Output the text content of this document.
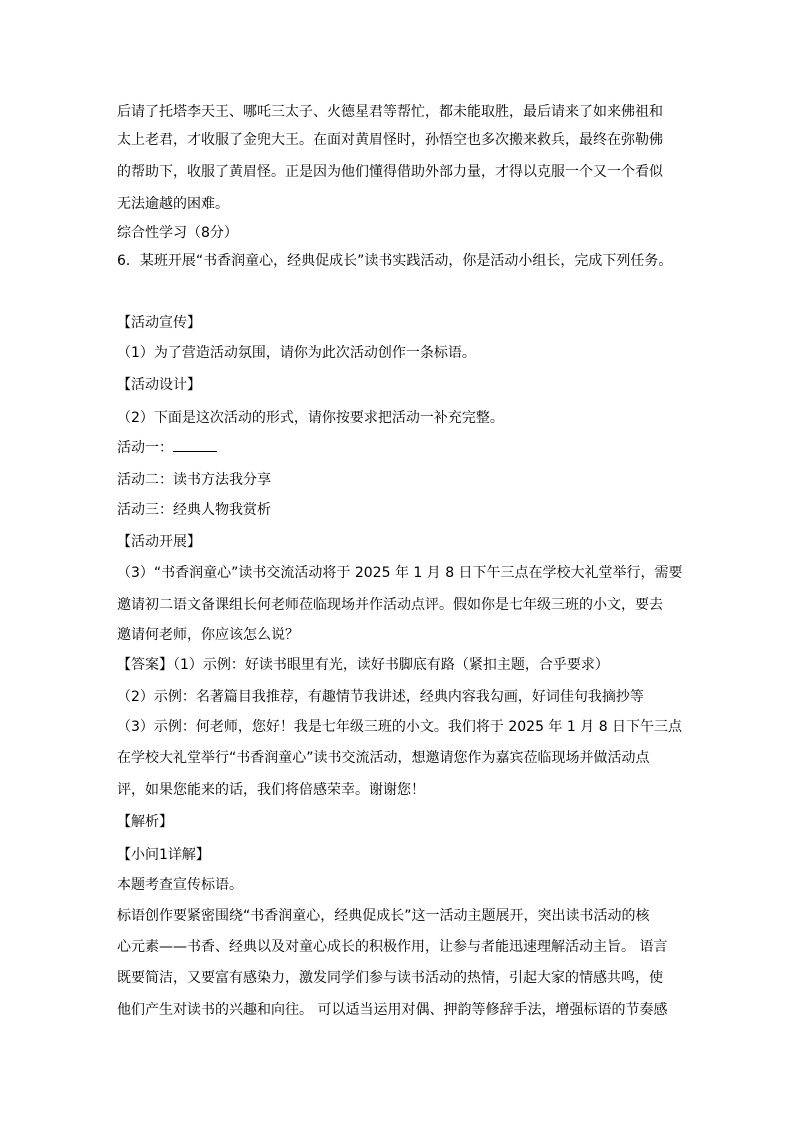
后请了托塔李天王、哪吒三太子、火德星君等帮忙，都未能取胜，最后请来了如来佛祖和
太上老君，才收服了金兜大王。在面对黄眉怪时，孙悟空也多次搬来救兵，最终在弥勒佛
的帮助下，收服了黄眉怪。正是因为他们懂得借助外部力量，才得以克服一个又一个看似
无法逾越的困难。
综合性学习（8分）
6．某班开展“书香润童心，经典促成长”读书实践活动，你是活动小组长，完成下列任务。
【活动宣传】
（1）为了营造活动氛围，请你为此次活动创作一条标语。
【活动设计】
（2）下面是这次活动的形式，请你按要求把活动一补充完整。
活动一：
活动二：读书方法我分享
活动三：经典人物我赏析
【活动开展】
（3）“书香润童心”读书交流活动将于 2025 年 1 月 8 日下午三点在学校大礼堂举行，需要
邀请初二语文备课组长何老师莅临现场并作活动点评。假如你是七年级三班的小文，要去
邀请何老师，你应该怎么说？
【答案】（1）示例：好读书眼里有光，读好书脚底有路（紧扣主题，合乎要求）
（2）示例：名著篇目我推荐，有趣情节我讲述，经典内容我勾画，好词佳句我摘抄等
（3）示例：何老师，您好！我是七年级三班的小文。我们将于 2025 年 1 月 8 日下午三点
在学校大礼堂举行“书香润童心”读书交流活动，想邀请您作为嘉宾莅临现场并做活动点
评，如果您能来的话，我们将倍感荣幸。谢谢您！
【解析】
【小问1详解】
本题考查宣传标语。
标语创作要紧密围绕“书香润童心，经典促成长”这一活动主题展开，突出读书活动的核
心元素——书香、经典以及对童心成长的积极作用，让参与者能迅速理解活动主旨。 语言
既要简洁，又要富有感染力，激发同学们参与读书活动的热情，引起大家的情感共鸣，使
他们产生对读书的兴趣和向往。 可以适当运用对偶、押韵等修辞手法，增强标语的节奏感
